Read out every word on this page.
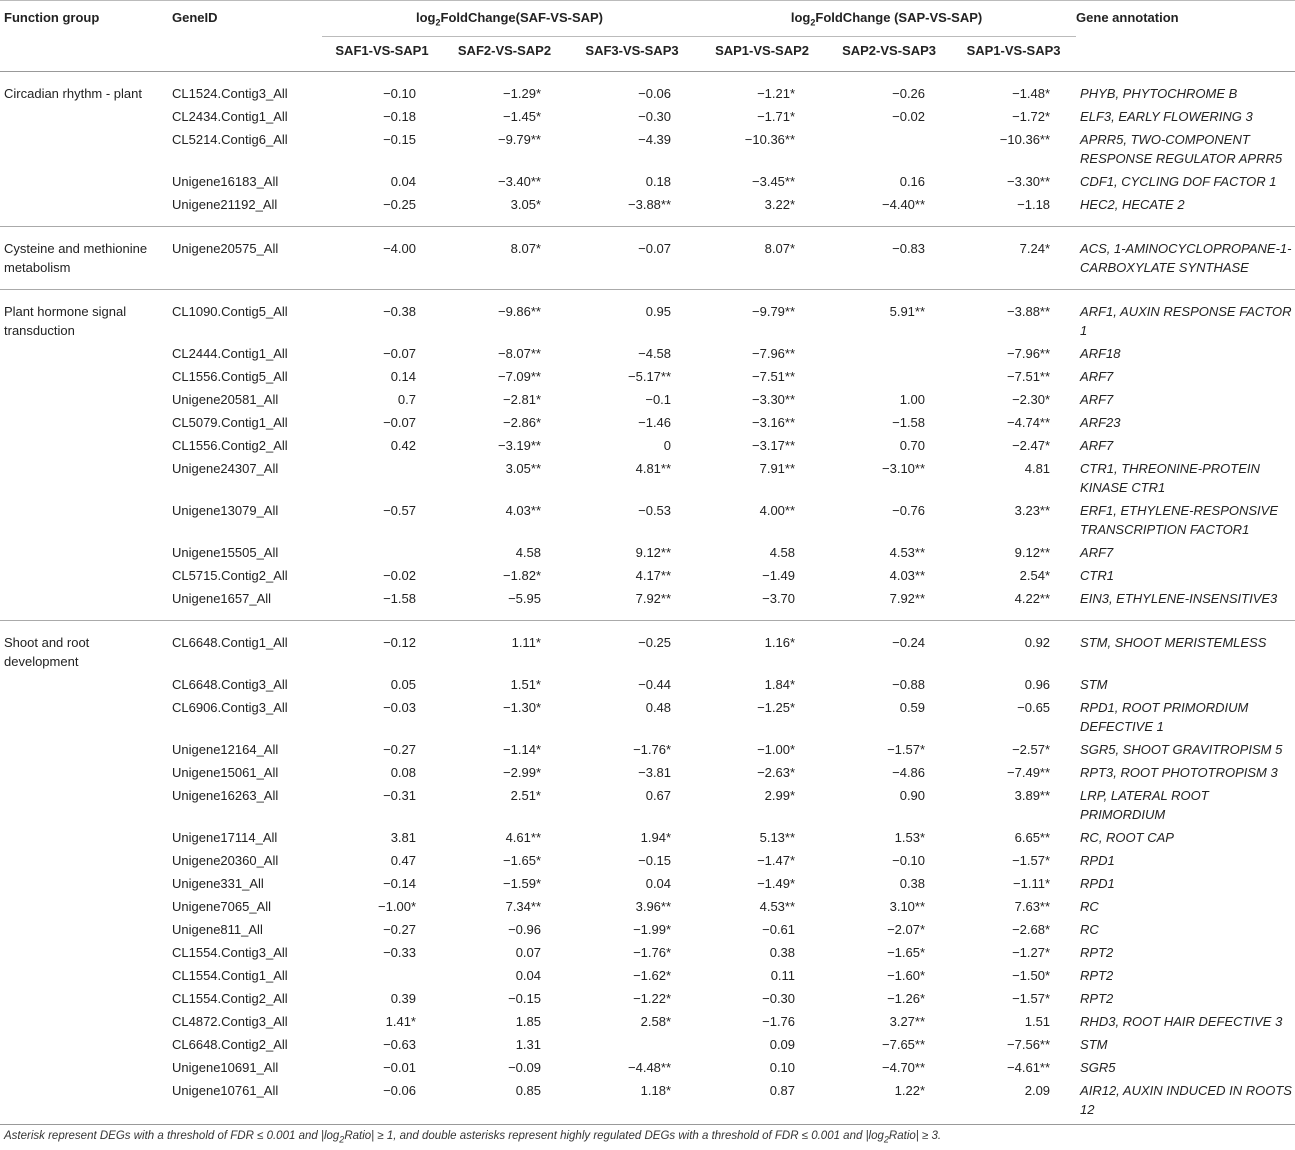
Function group	GeneID	$\log_2FoldChange(SAF-VS-SAP)$			$\log_2FoldChange$ (SAP-VS-SAP)			Gene annotation
		SAF1-VS-SAP1	SAF2-VS-SAP2	SAF3-VS-SAP3	SAP1-VS-SAP2	SAP2-VS-SAP3	SAP1-VS-SAP3	
Circadian rhythm - plant	CL1524.Contig3_All	−0.10	−1.29*	−0.06	−1.21*	−0.26	−1.48*	PHYB, PHYTOCHROME B
	CL2434.Contig1_All	−0.18	−1.45*	−0.30	−1.71*	−0.02	−1.72*	ELF3, EARLY FLOWERING 3
	CL5214.Contig6_All	−0.15	−9.79**	−4.39	−10.36**		−10.36**	APRR5, TWO-COMPONENT RESPONSE REGULATOR APRR5
	Unigene16183_All	0.04	−3.40**	0.18	−3.45**	0.16	−3.30**	CDF1, CYCLING DOF FACTOR 1
	Unigene21192_All	−0.25	3.05*	−3.88**	3.22*	−4.40**	−1.18	HEC2, HECATE 2
Cysteine and methionine metabolism	Unigene20575_All	−4.00	8.07*	−0.07	8.07*	−0.83	7.24*	ACS, 1-AMINOCYCLOPROPANE-1-CARBOXYLATE SYNTHASE
Plant hormone signal transduction	CL1090.Contig5_All	−0.38	−9.86**	0.95	−9.79**	5.91**	−3.88**	ARF1, AUXIN RESPONSE FACTOR 1
	CL2444.Contig1_All	−0.07	−8.07**	−4.58	−7.96**		−7.96**	ARF18
	CL1556.Contig5_All	0.14	−7.09**	−5.17**	−7.51**		−7.51**	ARF7
	Unigene20581_All	0.7	−2.81*	−0.1	−3.30**	1.00	−2.30*	ARF7
	CL5079.Contig1_All	−0.07	−2.86*	−1.46	−3.16**	−1.58	−4.74**	ARF23
	CL1556.Contig2_All	0.42	−3.19**	0	−3.17**	0.70	−2.47*	ARF7
	Unigene24307_All		3.05**	4.81**	7.91**	−3.10**	4.81	CTR1, THREONINE-PROTEIN KINASE CTR1
	Unigene13079_All	−0.57	4.03**	−0.53	4.00**	−0.76	3.23**	ERF1, ETHYLENE-RESPONSIVE TRANSCRIPTION FACTOR1
	Unigene15505_All		4.58	9.12**	4.58	4.53**	9.12**	ARF7
	CL5715.Contig2_All	−0.02	−1.82*	4.17**	−1.49	4.03**	2.54*	CTR1
	Unigene1657_All	−1.58	−5.95	7.92**	−3.70	7.92**	4.22**	EIN3, ETHYLENE-INSENSITIVE3
Shoot and root development	CL6648.Contig1_All	−0.12	1.11*	−0.25	1.16*	−0.24	0.92	STM, SHOOT MERISTEMLESS
	CL6648.Contig3_All	0.05	1.51*	−0.44	1.84*	−0.88	0.96	STM
	CL6906.Contig3_All	−0.03	−1.30*	0.48	−1.25*	0.59	−0.65	RPD1, ROOT PRIMORDIUM DEFECTIVE 1
	Unigene12164_All	−0.27	−1.14*	−1.76*	−1.00*	−1.57*	−2.57*	SGR5, SHOOT GRAVITROPISM 5
	Unigene15061_All	0.08	−2.99*	−3.81	−2.63*	−4.86	−7.49**	RPT3, ROOT PHOTOTROPISM 3
	Unigene16263_All	−0.31	2.51*	0.67	2.99*	0.90	3.89**	LRP, LATERAL ROOT PRIMORDIUM
	Unigene17114_All	3.81	4.61**	1.94*	5.13**	1.53*	6.65**	RC, ROOT CAP
	Unigene20360_All	0.47	−1.65*	−0.15	−1.47*	−0.10	−1.57*	RPD1
	Unigene331_All	−0.14	−1.59*	0.04	−1.49*	0.38	−1.11*	RPD1
	Unigene7065_All	−1.00*	7.34**	3.96**	4.53**	3.10**	7.63**	RC
	Unigene811_All	−0.27	−0.96	−1.99*	−0.61	−2.07*	−2.68*	RC
	CL1554.Contig3_All	−0.33	0.07	−1.76*	0.38	−1.65*	−1.27*	RPT2
	CL1554.Contig1_All		0.04	−1.62*	0.11	−1.60*	−1.50*	RPT2
	CL1554.Contig2_All	0.39	−0.15	−1.22*	−0.30	−1.26*	−1.57*	RPT2
	CL4872.Contig3_All	1.41*	1.85	2.58*	−1.76	3.27**	1.51	RHD3, ROOT HAIR DEFECTIVE 3
	CL6648.Contig2_All	−0.63	1.31		0.09	−7.65**	−7.56**	STM
	Unigene10691_All	−0.01	−0.09	−4.48**	0.10	−4.70**	−4.61**	SGR5
	Unigene10761_All	−0.06	0.85	1.18*	0.87	1.22*	2.09	AIR12, AUXIN INDUCED IN ROOTS 12
Asterisk represent DEGs with a threshold of FDR ≤ 0.001 and $|\log_2Ratio| \ge 1$, and double asterisks represent highly regulated DEGs with a threshold of FDR ≤ 0.001 and $|\log_2Ratio| \ge 3$.
